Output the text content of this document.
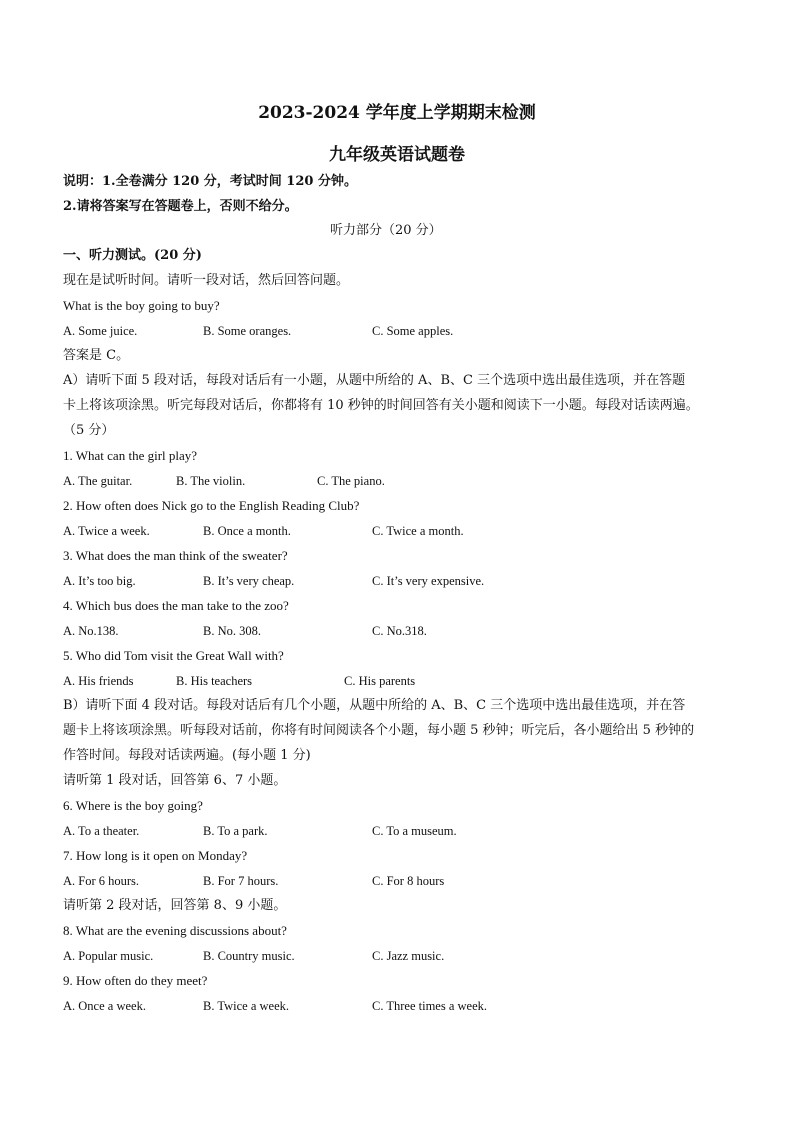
2023-2024 学年度上学期期末检测
九年级英语试题卷
说明：1.全卷满分 120 分，考试时间 120 分钟。
2.请将答案写在答题卷上，否则不给分。
听力部分（20 分）
一、听力测试。(20 分)
现在是试听时间。请听一段对话，然后回答问题。
What is the boy going to buy?
A. Some juice.	B. Some oranges.	C. Some apples.
答案是 C。
A）请听下面 5 段对话，每段对话后有一小题，从题中所给的 A、B、C 三个选项中选出最佳选项，并在答题
卡上将该项涂黑。听完每段对话后，你都将有 10 秒钟的时间回答有关小题和阅读下一小题。每段对话读两遍。
（5 分）
1. What can the girl play?
A. The guitar.	B. The violin.	C. The piano.
2. How often does Nick go to the English Reading Club?
A. Twice a week.	B. Once a month.	C. Twice a month.
3. What does the man think of the sweater?
A. It’s too big.	B. It’s very cheap.	C. It’s very expensive.
4. Which bus does the man take to the zoo?
A. No.138.	B. No. 308.	C. No.318.
5. Who did Tom visit the Great Wall with?
A. His friends	B. His teachers	C. His parents
B）请听下面 4 段对话。每段对话后有几个小题，从题中所给的 A、B、C 三个选项中选出最佳选项，并在答
题卡上将该项涂黑。听每段对话前，你将有时间阅读各个小题，每小题 5 秒钟；听完后，各小题给出 5 秒钟的
作答时间。每段对话读两遍。(每小题 1 分)
请听第 1 段对话，回答第 6、7 小题。
6. Where is the boy going?
A. To a theater.	B. To a park.	C. To a museum.
7. How long is it open on Monday?
A. For 6 hours.	B. For 7 hours.	C. For 8 hours
请听第 2 段对话，回答第 8、9 小题。
8. What are the evening discussions about?
A. Popular music.	B. Country music.	C. Jazz music.
9. How often do they meet?
A. Once a week.	B. Twice a week.	C. Three times a week.
